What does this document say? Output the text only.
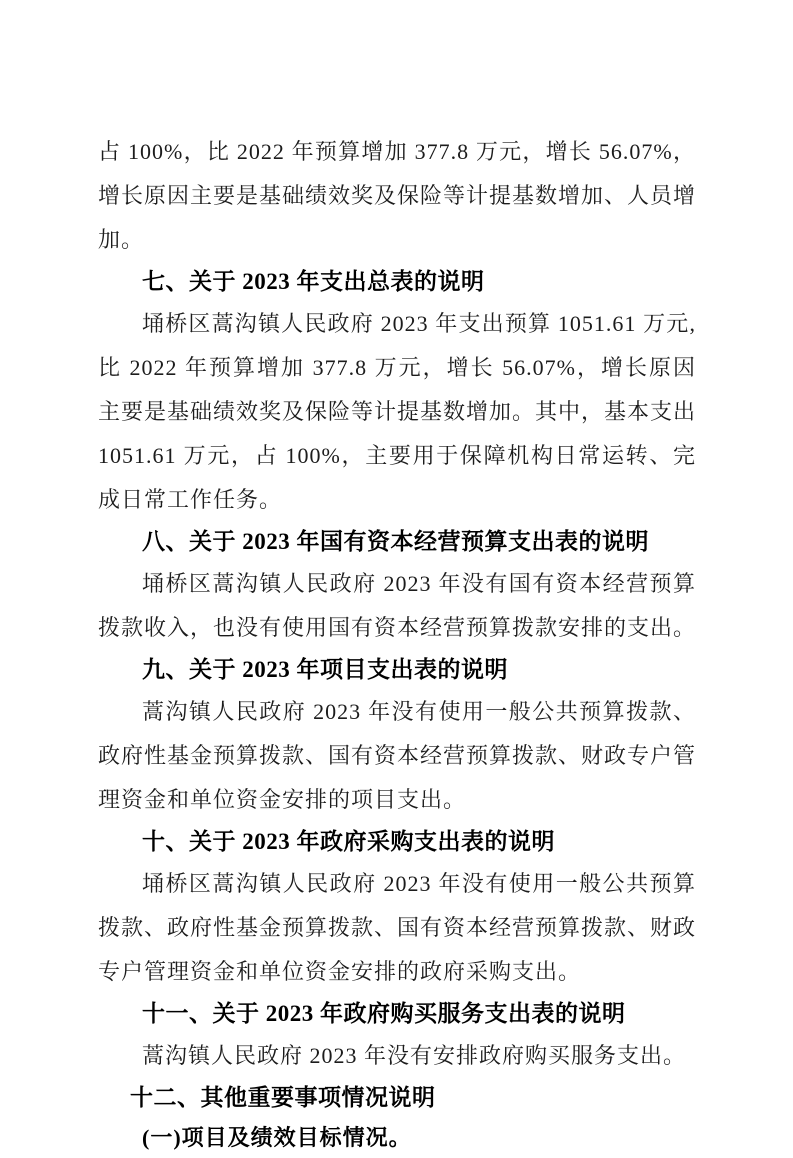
占 100%，比 2022 年预算增加 377.8 万元，增长 56.07%，增长原因主要是基础绩效奖及保险等计提基数增加、人员增加。

七、关于 2023 年支出总表的说明

埇桥区蒿沟镇人民政府 2023 年支出预算 1051.61 万元,比 2022 年预算增加 377.8 万元，增长 56.07%，增长原因主要是基础绩效奖及保险等计提基数增加。其中，基本支出 1051.61 万元，占 100%，主要用于保障机构日常运转、完成日常工作任务。

八、关于 2023 年国有资本经营预算支出表的说明

埇桥区蒿沟镇人民政府 2023 年没有国有资本经营预算拨款收入，也没有使用国有资本经营预算拨款安排的支出。

九、关于 2023 年项目支出表的说明

蒿沟镇人民政府 2023 年没有使用一般公共预算拨款、政府性基金预算拨款、国有资本经营预算拨款、财政专户管理资金和单位资金安排的项目支出。

十、关于 2023 年政府采购支出表的说明

埇桥区蒿沟镇人民政府 2023 年没有使用一般公共预算拨款、政府性基金预算拨款、国有资本经营预算拨款、财政专户管理资金和单位资金安排的政府采购支出。

十一、关于 2023 年政府购买服务支出表的说明

蒿沟镇人民政府 2023 年没有安排政府购买服务支出。

十二、其他重要事项情况说明

(一)项目及绩效目标情况。
